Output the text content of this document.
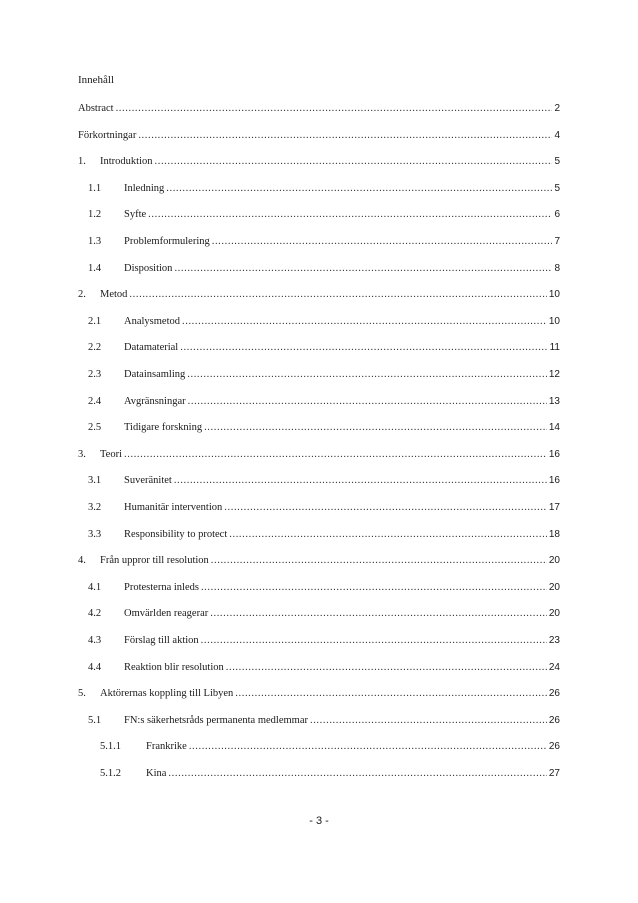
Innehåll
Abstract .....	2
Förkortningar .....	4
1.	Introduktion .....	5
1.1	Inledning .....	5
1.2	Syfte .....	6
1.3	Problemformulering .....	7
1.4	Disposition .....	8
2.	Metod .....	10
2.1	Analysmetod .....	10
2.2	Datamaterial .....	11
2.3	Datainsamling .....	12
2.4	Avgränsningar .....	13
2.5	Tidigare forskning .....	14
3.	Teori .....	16
3.1	Suveränitet .....	16
3.2	Humanitär intervention .....	17
3.3	Responsibility to protect .....	18
4.	Från uppror till resolution .....	20
4.1	Protesterna inleds .....	20
4.2	Omvärlden reagerar .....	20
4.3	Förslag till aktion .....	23
4.4	Reaktion blir resolution .....	24
5.	Aktörernas koppling till Libyen .....	26
5.1	FN:s säkerhetsråds permanenta medlemmar .....	26
5.1.1	Frankrike .....	26
5.1.2	Kina .....	27
- 3 -
